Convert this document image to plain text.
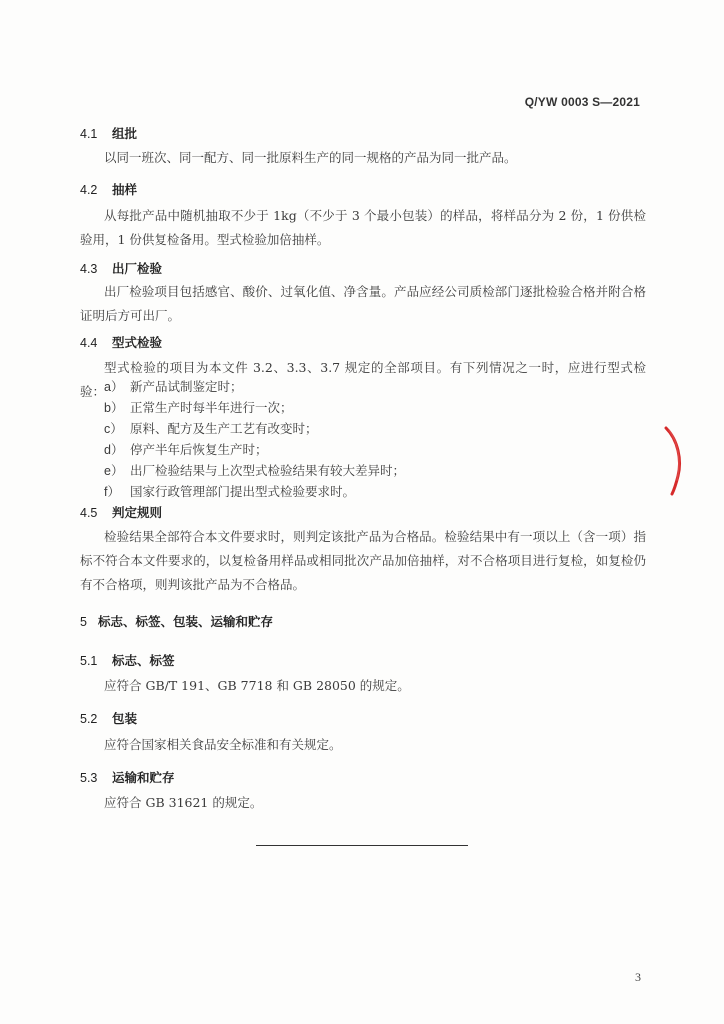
Q/YW 0003 S—2021
4.1 组批
以同一班次、同一配方、同一批原料生产的同一规格的产品为同一批产品。
4.2 抽样
从每批产品中随机抽取不少于 1kg（不少于 3 个最小包装）的样品，将样品分为 2 份，1 份供检验用，1 份供复检备用。型式检验加倍抽样。
4.3 出厂检验
出厂检验项目包括感官、酸价、过氧化值、净含量。产品应经公司质检部门逐批检验合格并附合格证明后方可出厂。
4.4 型式检验
型式检验的项目为本文件 3.2、3.3、3.7 规定的全部项目。有下列情况之一时，应进行型式检验：
a） 新产品试制鉴定时；
b） 正常生产时每半年进行一次；
c） 原料、配方及生产工艺有改变时；
d） 停产半年后恢复生产时；
e） 出厂检验结果与上次型式检验结果有较大差异时；
f） 国家行政管理部门提出型式检验要求时。
4.5 判定规则
检验结果全部符合本文件要求时，则判定该批产品为合格品。检验结果中有一项以上（含一项）指标不符合本文件要求的，以复检备用样品或相同批次产品加倍抽样，对不合格项目进行复检，如复检仍有不合格项，则判该批产品为不合格品。
5 标志、标签、包装、运输和贮存
5.1 标志、标签
应符合 GB/T 191、GB 7718 和 GB 28050 的规定。
5.2 包装
应符合国家相关食品安全标准和有关规定。
5.3 运输和贮存
应符合 GB 31621 的规定。
3
